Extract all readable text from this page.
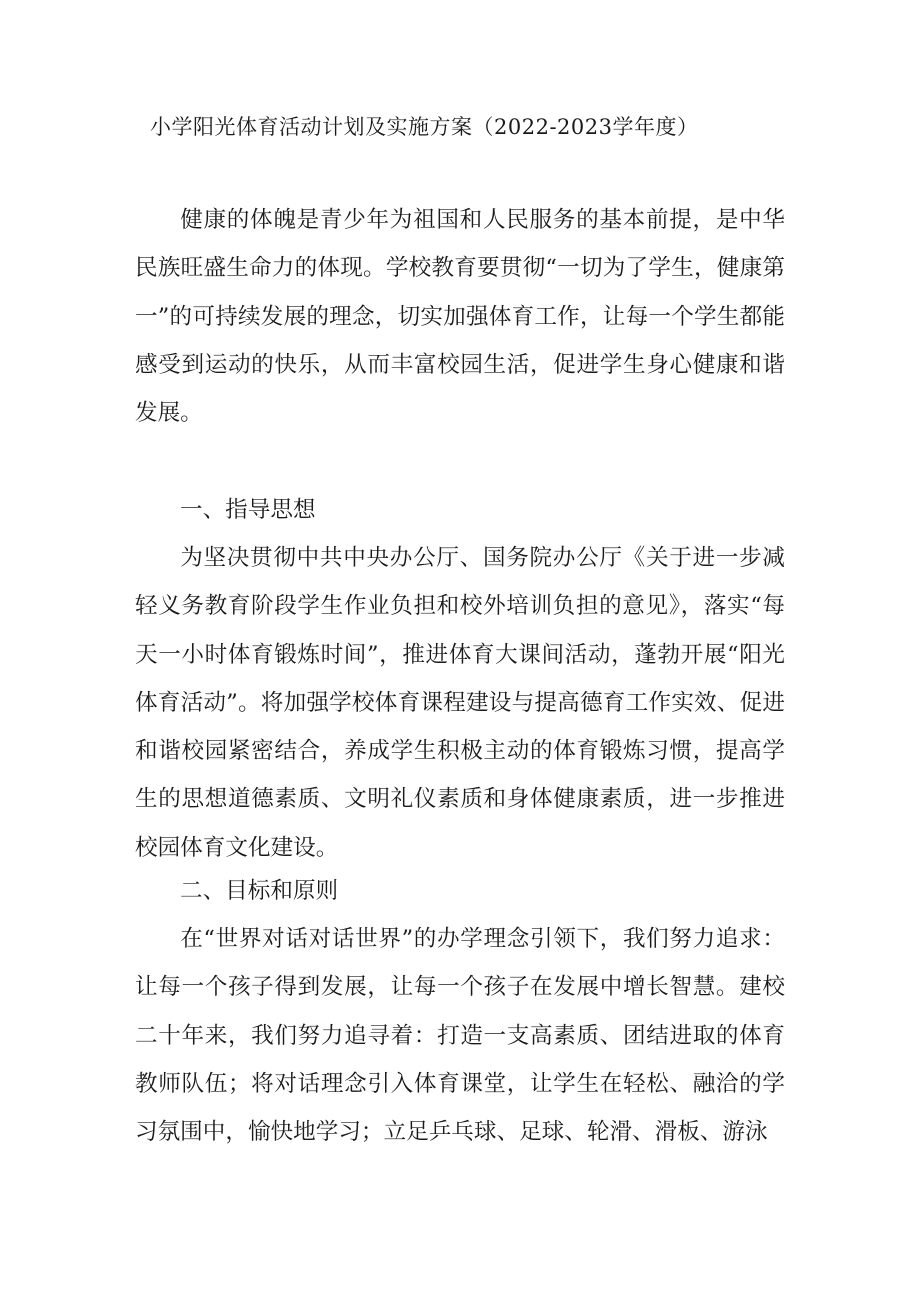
小学阳光体育活动计划及实施方案（2022-2023学年度）

健康的体魄是青少年为祖国和人民服务的基本前提，是中华民族旺盛生命力的体现。学校教育要贯彻“一切为了学生，健康第一”的可持续发展的理念，切实加强体育工作，让每一个学生都能感受到运动的快乐，从而丰富校园生活，促进学生身心健康和谐发展。

一、指导思想

为坚决贯彻中共中央办公厅、国务院办公厅《关于进一步减轻义务教育阶段学生作业负担和校外培训负担的意见》，落实“每天一小时体育锻炼时间”，推进体育大课间活动，蓬勃开展“阳光体育活动”。将加强学校体育课程建设与提高德育工作实效、促进和谐校园紧密结合，养成学生积极主动的体育锻炼习惯，提高学生的思想道德素质、文明礼仪素质和身体健康素质，进一步推进校园体育文化建设。

二、目标和原则

在“世界对话对话世界”的办学理念引领下，我们努力追求：让每一个孩子得到发展，让每一个孩子在发展中增长智慧。建校二十年来，我们努力追寻着：打造一支高素质、团结进取的体育教师队伍；将对话理念引入体育课堂，让学生在轻松、融洽的学习氛围中，愉快地学习；立足乒乓球、足球、轮滑、滑板、游泳
